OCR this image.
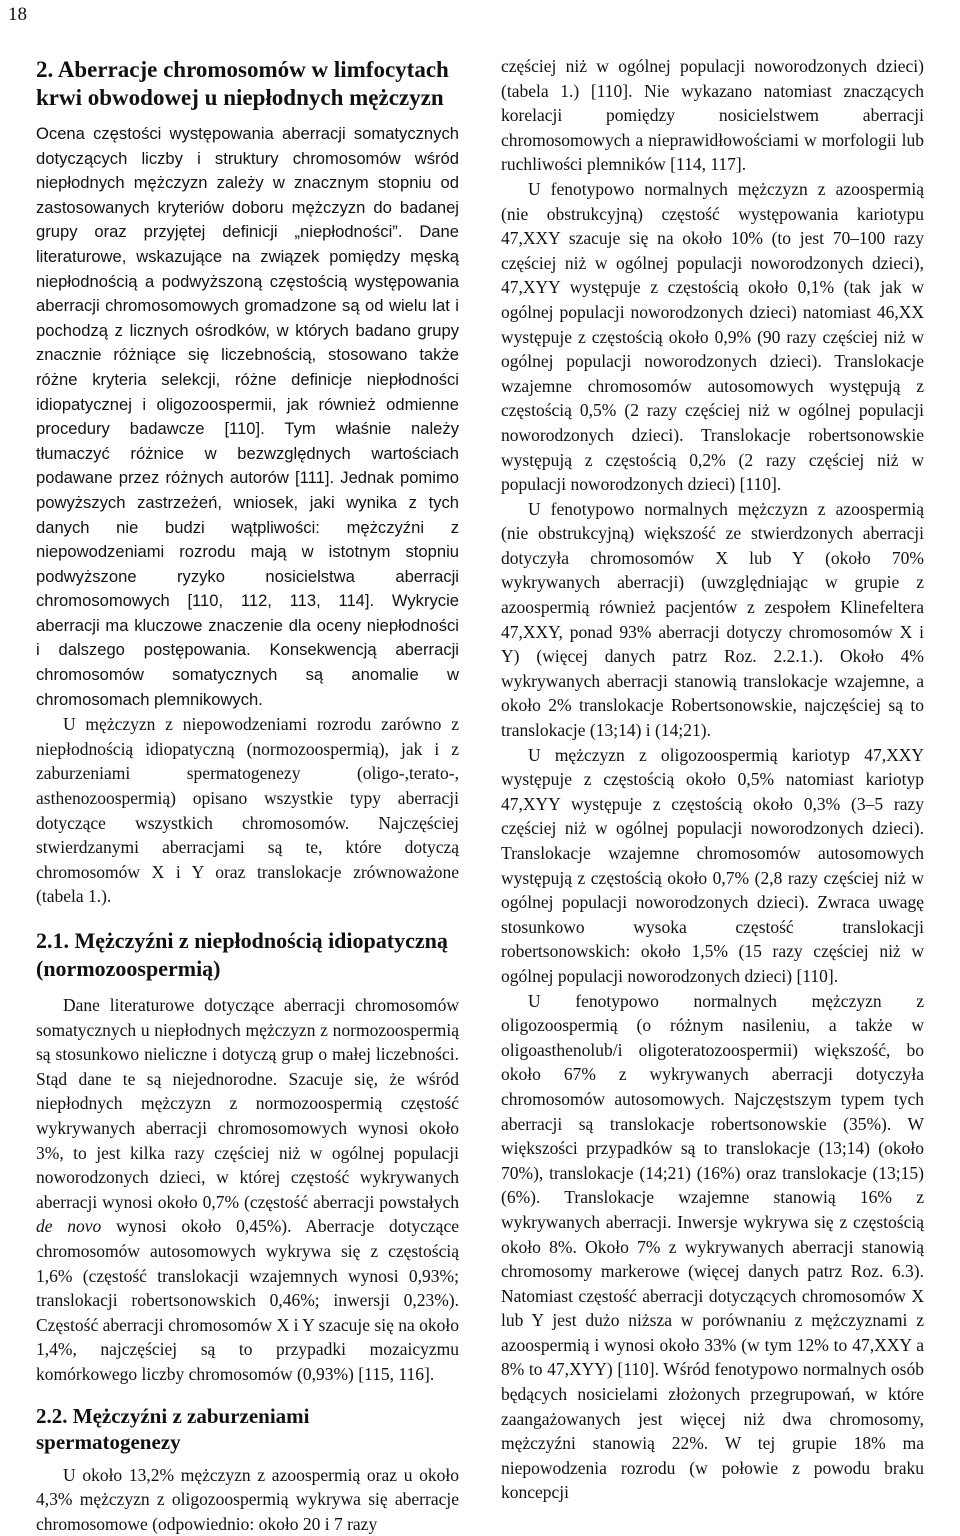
18
2. Aberracje chromosomów w limfocytach krwi obwodowej u niepłodnych mężczyzn

Ocena częstości występowania aberracji somatycznych dotyczących liczby i struktury chromosomów wśród niepłodnych mężczyzn zależy w znacznym stopniu od zastosowanych kryteriów doboru mężczyzn do badanej grupy oraz przyjętej definicji „niepłodności”. Dane literaturowe, wskazujące na związek pomiędzy męską niepłodnością a podwyższoną częstością występowania aberracji chromosomowych gromadzone są od wielu lat i pochodzą z licznych ośrodków, w których badano grupy znacznie różniące się liczebnością, stosowano także różne kryteria selekcji, różne definicje niepłodności idiopatycznej i oligozoospermii, jak również odmienne procedury badawcze [110]. Tym właśnie należy tłumaczyć różnice w bezwzględnych wartościach podawane przez różnych autorów [111]. Jednak pomimo powyższych zastrzeżeń, wniosek, jaki wynika z tych danych nie budzi wątpliwości: mężczyźni z niepowodzeniami rozrodu mają w istotnym stopniu podwyższone ryzyko nosicielstwa aberracji chromosomowych [110, 112, 113, 114]. Wykrycie aberracji ma kluczowe znaczenie dla oceny niepłodności i dalszego postępowania. Konsekwencją aberracji chromosomów somatycznych są anomalie w chromosomach plemnikowych.

U mężczyzn z niepowodzeniami rozrodu zarówno z niepłodnością idiopatyczną (normozoospermią), jak i z zaburzeniami spermatogenezy (oligo-,terato-, asthenozoospermią) opisano wszystkie typy aberracji dotyczące wszystkich chromosomów. Najczęściej stwierdzanymi aberracjami są te, które dotyczą chromosomów X i Y oraz translokacje zrównoważone (tabela 1.).

2.1. Mężczyźni z niepłodnością idiopatyczną (normozoospermią)

Dane literaturowe dotyczące aberracji chromosomów somatycznych u niepłodnych mężczyzn z normozoospermią są stosunkowo nieliczne i dotyczą grup o małej liczebności. Stąd dane te są niejednorodne. Szacuje się, że wśród niepłodnych mężczyzn z normozoospermią częstość wykrywanych aberracji chromosomowych wynosi około 3%, to jest kilka razy częściej niż w ogólnej populacji noworodzonych dzieci, w której częstość wykrywanych aberracji wynosi około 0,7% (częstość aberracji powstałych de novo wynosi około 0,45%). Aberracje dotyczące chromosomów autosomowych wykrywa się z częstością 1,6% (częstość translokacji wzajemnych wynosi 0,93%; translokacji robertsonowskich 0,46%; inwersji 0,23%). Częstość aberracji chromosomów X i Y szacuje się na około 1,4%, najczęściej są to przypadki mozaicyzmu komórkowego liczby chromosomów (0,93%) [115, 116].

2.2. Mężczyźni z zaburzeniami spermatogenezy

U około 13,2% mężczyzn z azoospermią oraz u około 4,3% mężczyzn z oligozoospermią wykrywa się aberracje chromosomowe (odpowiednio: około 20 i 7 razy

częściej niż w ogólnej populacji noworodzonych dzieci) (tabela 1.) [110]. Nie wykazano natomiast znaczących korelacji pomiędzy nosicielstwem aberracji chromosomowych a nieprawidłowościami w morfologii lub ruchliwości plemników [114, 117].

U fenotypowo normalnych mężczyzn z azoospermią (nie obstrukcyjną) częstość występowania kariotypu 47,XXY szacuje się na około 10% (to jest 70–100 razy częściej niż w ogólnej populacji noworodzonych dzieci), 47,XYY występuje z częstością około 0,1% (tak jak w ogólnej populacji noworodzonych dzieci) natomiast 46,XX występuje z częstością około 0,9% (90 razy częściej niż w ogólnej populacji noworodzonych dzieci). Translokacje wzajemne chromosomów autosomowych występują z częstością 0,5% (2 razy częściej niż w ogólnej populacji noworodzonych dzieci). Translokacje robertsonowskie występują z częstością 0,2% (2 razy częściej niż w populacji noworodzonych dzieci) [110].

U fenotypowo normalnych mężczyzn z azoospermią (nie obstrukcyjną) większość ze stwierdzonych aberracji dotyczyła chromosomów X lub Y (około 70% wykrywanych aberracji) (uwzględniając w grupie z azoospermią również pacjentów z zespołem Klinefeltera 47,XXY, ponad 93% aberracji dotyczy chromosomów X i Y) (więcej danych patrz Roz. 2.2.1.). Około 4% wykrywanych aberracji stanowią translokacje wzajemne, a około 2% translokacje Robertsonowskie, najczęściej są to translokacje (13;14) i (14;21).

U mężczyzn z oligozoospermią kariotyp 47,XXY występuje z częstością około 0,5% natomiast kariotyp 47,XYY występuje z częstością około 0,3% (3–5 razy częściej niż w ogólnej populacji noworodzonych dzieci). Translokacje wzajemne chromosomów autosomowych występują z częstością około 0,7% (2,8 razy częściej niż w ogólnej populacji noworodzonych dzieci). Zwraca uwagę stosunkowo wysoka częstość translokacji robertsonowskich: około 1,5% (15 razy częściej niż w ogólnej populacji noworodzonych dzieci) [110].

U fenotypowo normalnych mężczyzn z oligozoospermią (o różnym nasileniu, a także w oligoasthenolub/i oligoteratozoospermii) większość, bo około 67% z wykrywanych aberracji dotyczyła chromosomów autosomowych. Najczęstszym typem tych aberracji są translokacje robertsonowskie (35%). W większości przypadków są to translokacje (13;14) (około 70%), translokacje (14;21) (16%) oraz translokacje (13;15) (6%). Translokacje wzajemne stanowią 16% z wykrywanych aberracji. Inwersje wykrywa się z częstością około 8%. Około 7% z wykrywanych aberracji stanowią chromosomy markerowe (więcej danych patrz Roz. 6.3). Natomiast częstość aberracji dotyczących chromosomów X lub Y jest dużo niższa w porównaniu z mężczyznami z azoospermią i wynosi około 33% (w tym 12% to 47,XXY a 8% to 47,XYY) [110]. Wśród fenotypowo normalnych osób będących nosicielami złożonych przegrupowań, w które zaangażowanych jest więcej niż dwa chromosomy, mężczyźni stanowią 22%. W tej grupie 18% ma niepowodzenia rozrodu (w połowie z powodu braku koncepcji
